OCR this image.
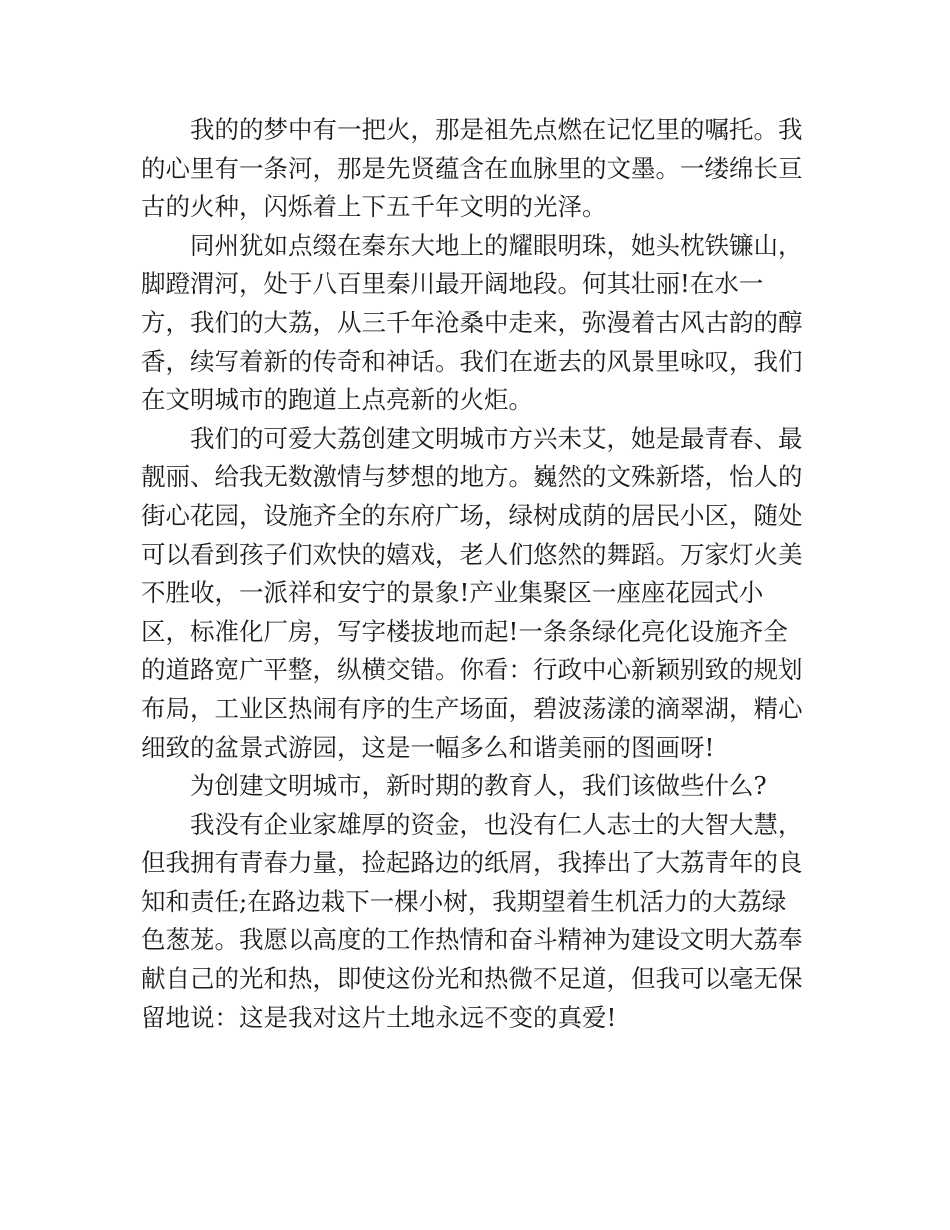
我的的梦中有一把火，那是祖先点燃在记忆里的嘱托。我
的心里有一条河，那是先贤蕴含在血脉里的文墨。一缕绵长亘
古的火种，闪烁着上下五千年文明的光泽。
同州犹如点缀在秦东大地上的耀眼明珠，她头枕铁镰山，
脚蹬渭河，处于八百里秦川最开阔地段。何其壮丽!在水一
方，我们的大荔，从三千年沧桑中走来，弥漫着古风古韵的醇
香，续写着新的传奇和神话。我们在逝去的风景里咏叹，我们
在文明城市的跑道上点亮新的火炬。
我们的可爱大荔创建文明城市方兴未艾，她是最青春、最
靓丽、给我无数激情与梦想的地方。巍然的文殊新塔，怡人的
街心花园，设施齐全的东府广场，绿树成荫的居民小区，随处
可以看到孩子们欢快的嬉戏，老人们悠然的舞蹈。万家灯火美
不胜收，一派祥和安宁的景象!产业集聚区一座座花园式小
区，标准化厂房，写字楼拔地而起!一条条绿化亮化设施齐全
的道路宽广平整，纵横交错。你看：行政中心新颖别致的规划
布局，工业区热闹有序的生产场面，碧波荡漾的滴翠湖，精心
细致的盆景式游园，这是一幅多么和谐美丽的图画呀!
为创建文明城市，新时期的教育人，我们该做些什么?
我没有企业家雄厚的资金，也没有仁人志士的大智大慧，
但我拥有青春力量，捡起路边的纸屑，我捧出了大荔青年的良
知和责任;在路边栽下一棵小树，我期望着生机活力的大荔绿
色葱茏。我愿以高度的工作热情和奋斗精神为建设文明大荔奉
献自己的光和热，即使这份光和热微不足道，但我可以毫无保
留地说：这是我对这片土地永远不变的真爱!
